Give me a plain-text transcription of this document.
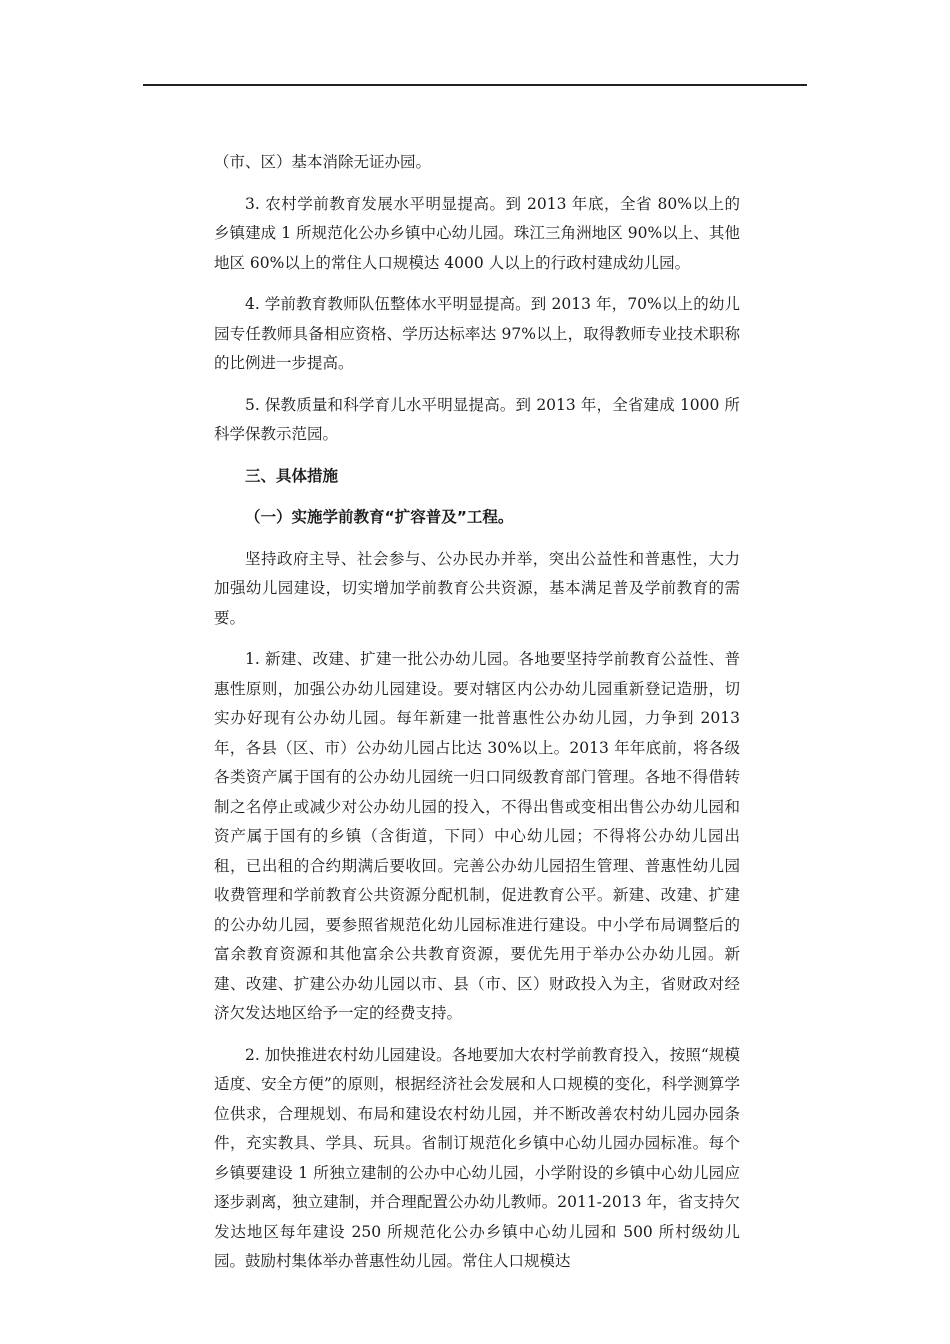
（市、区）基本消除无证办园。

3. 农村学前教育发展水平明显提高。到 2013 年底，全省 80%以上的乡镇建成 1 所规范化公办乡镇中心幼儿园。珠江三角洲地区 90%以上、其他地区 60%以上的常住人口规模达 4000 人以上的行政村建成幼儿园。

4. 学前教育教师队伍整体水平明显提高。到 2013 年，70%以上的幼儿园专任教师具备相应资格、学历达标率达 97%以上，取得教师专业技术职称的比例进一步提高。

5. 保教质量和科学育儿水平明显提高。到 2013 年，全省建成 1000 所科学保教示范园。

三、具体措施

（一）实施学前教育“扩容普及”工程。

坚持政府主导、社会参与、公办民办并举，突出公益性和普惠性，大力加强幼儿园建设，切实增加学前教育公共资源，基本满足普及学前教育的需要。

1. 新建、改建、扩建一批公办幼儿园。各地要坚持学前教育公益性、普惠性原则，加强公办幼儿园建设。要对辖区内公办幼儿园重新登记造册，切实办好现有公办幼儿园。每年新建一批普惠性公办幼儿园，力争到 2013 年，各县（区、市）公办幼儿园占比达 30%以上。2013 年年底前，将各级各类资产属于国有的公办幼儿园统一归口同级教育部门管理。各地不得借转制之名停止或减少对公办幼儿园的投入，不得出售或变相出售公办幼儿园和资产属于国有的乡镇（含街道，下同）中心幼儿园；不得将公办幼儿园出租，已出租的合约期满后要收回。完善公办幼儿园招生管理、普惠性幼儿园收费管理和学前教育公共资源分配机制，促进教育公平。新建、改建、扩建的公办幼儿园，要参照省规范化幼儿园标准进行建设。中小学布局调整后的富余教育资源和其他富余公共教育资源，要优先用于举办公办幼儿园。新建、改建、扩建公办幼儿园以市、县（市、区）财政投入为主，省财政对经济欠发达地区给予一定的经费支持。

2. 加快推进农村幼儿园建设。各地要加大农村学前教育投入，按照“规模适度、安全方便”的原则，根据经济社会发展和人口规模的变化，科学测算学位供求，合理规划、布局和建设农村幼儿园，并不断改善农村幼儿园办园条件，充实教具、学具、玩具。省制订规范化乡镇中心幼儿园办园标准。每个乡镇要建设 1 所独立建制的公办中心幼儿园，小学附设的乡镇中心幼儿园应逐步剥离，独立建制，并合理配置公办幼儿教师。2011-2013 年，省支持欠发达地区每年建设 250 所规范化公办乡镇中心幼儿园和 500 所村级幼儿园。鼓励村集体举办普惠性幼儿园。常住人口规模达
